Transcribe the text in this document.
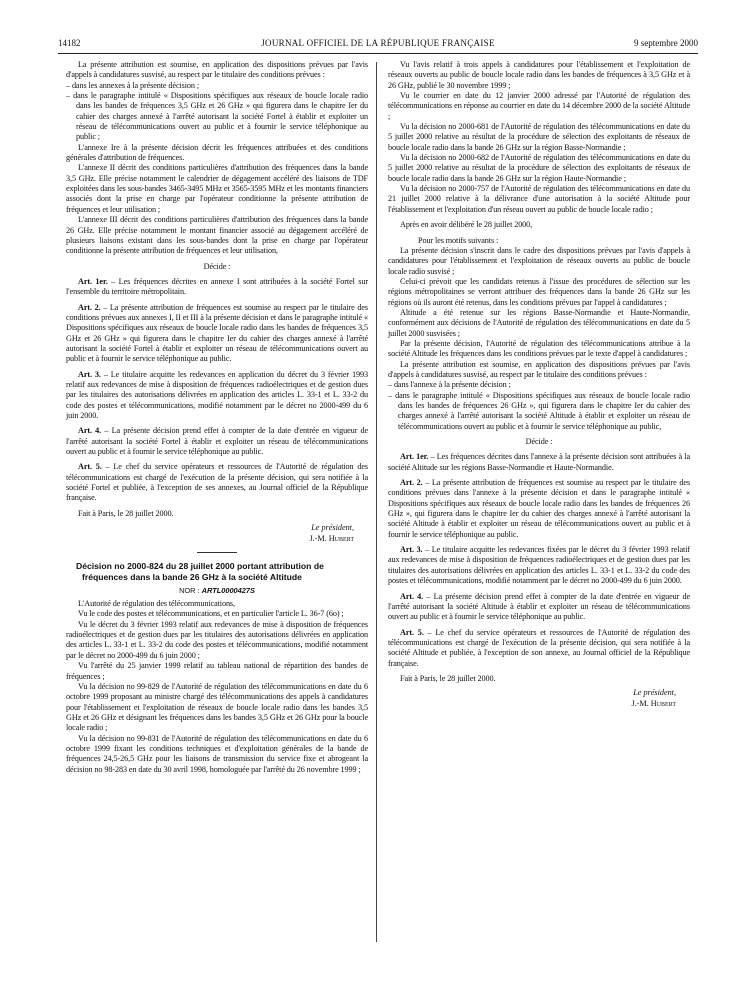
14182	JOURNAL OFFICIEL DE LA RÉPUBLIQUE FRANÇAISE	9 septembre 2000

La présente attribution est soumise, en application des dispositions prévues par l'avis d'appels à candidatures susvisé, au respect par le titulaire des conditions prévues :

– dans les annexes à la présente décision ;

– dans le paragraphe intitulé « Dispositions spécifiques aux réseaux de boucle locale radio dans les bandes de fréquences 3,5 GHz et 26 GHz » qui figurera dans le chapitre Ier du cahier des charges annexé à l'arrêté autorisant la société Fortel à établir et exploiter un réseau de télécommunications ouvert au public et à fournir le service téléphonique au public ;

L'annexe Ire à la présente décision décrit les fréquences attribuées et des conditions générales d'attribution de fréquences.

L'annexe II décrit des conditions particulières d'attribution des fréquences dans la bande 3,5 GHz. Elle précise notamment le calendrier de dégagement accéléré des liaisons de TDF exploitées dans les sous-bandes 3465-3495 MHz et 3565-3595 MHz et les montants financiers associés dont la prise en charge par l'opérateur conditionne la présente attribution de fréquences et leur utilisation ;

L'annexe III décrit des conditions particulières d'attribution des fréquences dans la bande 26 GHz. Elle précise notamment le montant financier associé au dégagement accéléré de plusieurs liaisons existant dans les sous-bandes dont la prise en charge par l'opérateur conditionne la présente attribution de fréquences et leur utilisation,

Décide :

Art. 1er. – Les fréquences décrites en annexe I sont attribuées à la société Fortel sur l'ensemble du territoire métropolitain.

Art. 2. – La présente attribution de fréquences est soumise au respect par le titulaire des conditions prévues aux annexes I, II et III à la présente décision et dans le paragraphe intitulé « Dispositions spécifiques aux réseaux de boucle locale radio dans les bandes de fréquences 3,5 GHz et 26 GHz » qui figurera dans le chapitre Ier du cahier des charges annexé à l'arrêté autorisant la société Fortel à établir et exploiter un réseau de télécommunications ouvert au public et à fournir le service téléphonique au public.

Art. 3. – Le titulaire acquitte les redevances en application du décret du 3 février 1993 relatif aux redevances de mise à disposition de fréquences radioélectriques et de gestion dues par les titulaires des autorisations délivrées en application des articles L. 33-1 et L. 33-2 du code des postes et télécommunications, modifié notamment par le décret no 2000-499 du 6 juin 2000.

Art. 4. – La présente décision prend effet à compter de la date d'entrée en vigueur de l'arrêté autorisant la société Fortel à établir et exploiter un réseau de télécommunications ouvert au public et à fournir le service téléphonique au public.

Art. 5. – Le chef du service opérateurs et ressources de l'Autorité de régulation des télécommunications est chargé de l'exécution de la présente décision, qui sera notifiée à la société Fortel et publiée, à l'exception de ses annexes, au Journal officiel de la République française.

Fait à Paris, le 28 juillet 2000.

Le président,
J.-M. Hubert

Décision no 2000-824 du 28 juillet 2000 portant attribution de fréquences dans la bande 26 GHz à la société Altitude

NOR : ARTL0000427S

L'Autorité de régulation des télécommunications,

Vu le code des postes et télécommunications, et en particulier l'article L. 36-7 (6o) ;

Vu le décret du 3 février 1993 relatif aux redevances de mise à disposition de fréquences radioélectriques et de gestion dues par les titulaires des autorisations délivrées en application des articles L. 33-1 et L. 33-2 du code des postes et télécommunications, modifié notamment par le décret no 2000-499 du 6 juin 2000 ;

Vu l'arrêté du 25 janvier 1999 relatif au tableau national de répartition des bandes de fréquences ;

Vu la décision no 99-829 de l'Autorité de régulation des télécommunications en date du 6 octobre 1999 proposant au ministre chargé des télécommunications des appels à candidatures pour l'établissement et l'exploitation de réseaux de boucle locale radio dans les bandes 3,5 GHz et 26 GHz et désignant les fréquences dans les bandes 3,5 GHz et 26 GHz pour la boucle locale radio ;

Vu la décision no 99-831 de l'Autorité de régulation des télécommunications en date du 6 octobre 1999 fixant les conditions techniques et d'exploitation générales de la bande de fréquences 24,5-26,5 GHz pour les liaisons de transmission du service fixe et abrogeant la décision no 98-283 en date du 30 avril 1998, homologuée par l'arrêté du 26 novembre 1999 ;

Vu l'avis relatif à trois appels à candidatures pour l'établissement et l'exploitation de réseaux ouverts au public de boucle locale radio dans les bandes de fréquences à 3,5 GHz et à 26 GHz, publié le 30 novembre 1999 ;

Vu le courrier en date du 12 janvier 2000 adressé par l'Autorité de régulation des télécommunications en réponse au courrier en date du 14 décembre 2000 de la société Altitude ;

Vu la décision no 2000-681 de l'Autorité de régulation des télécommunications en date du 5 juillet 2000 relative au résultat de la procédure de sélection des exploitants de réseaux de boucle locale radio dans la bande 26 GHz sur la région Basse-Normandie ;

Vu la décision no 2000-682 de l'Autorité de régulation des télécommunications en date du 5 juillet 2000 relative au résultat de la procédure de sélection des exploitants de réseaux de boucle locale radio dans la bande 26 GHz sur la région Haute-Normandie ;

Vu la décision no 2000-757 de l'Autorité de régulation des télécommunications en date du 21 juillet 2000 relative à la délivrance d'une autorisation à la société Altitude pour l'établissement et l'exploitation d'un réseau ouvert au public de boucle locale radio ;

Après en avoir délibéré le 28 juillet 2000,

Pour les motifs suivants :

La présente décision s'inscrit dans le cadre des dispositions prévues par l'avis d'appels à candidatures pour l'établissement et l'exploitation de réseaux ouverts au public de boucle locale radio susvisé ;

Celui-ci prévoit que les candidats retenus à l'issue des procédures de sélection sur les régions métropolitaines se verront attribuer des fréquences dans la bande 26 GHz sur les régions où ils auront été retenus, dans les conditions prévues par l'appel à candidatures ;

Altitude a été retenue sur les régions Basse-Normandie et Haute-Normandie, conformément aux décisions de l'Autorité de régulation des télécommunications en date du 5 juillet 2000 susvisées ;

Par la présente décision, l'Autorité de régulation des télécommunications attribue à la société Altitude les fréquences dans les conditions prévues par le texte d'appel à candidatures ;

La présente attribution est soumise, en application des dispositions prévues par l'avis d'appels à candidatures susvisé, au respect par le titulaire des conditions prévues :

– dans l'annexe à la présente décision ;

– dans le paragraphe intitulé « Dispositions spécifiques aux réseaux de boucle locale radio dans les bandes de fréquences 26 GHz », qui figurera dans le chapitre Ier du cahier des charges annexé à l'arrêté autorisant la société Altitude à établir et exploiter un réseau de télécommunications ouvert au public et à fournir le service téléphonique au public,

Décide :

Art. 1er. – Les fréquences décrites dans l'annexe à la présente décision sont attribuées à la société Altitude sur les régions Basse-Normandie et Haute-Normandie.

Art. 2. – La présente attribution de fréquences est soumise au respect par le titulaire des conditions prévues dans l'annexe à la présente décision et dans le paragraphe intitulé « Dispositions spécifiques aux réseaux de boucle locale radio dans les bandes de fréquences 26 GHz », qui figurera dans le chapitre Ier du cahier des charges annexé à l'arrêté autorisant la société Altitude à établir et exploiter un réseau de télécommunications ouvert au public et à fournir le service téléphonique au public.

Art. 3. – Le titulaire acquitte les redevances fixées par le décret du 3 février 1993 relatif aux redevances de mise à disposition de fréquences radioélectriques et de gestion dues par les titulaires des autorisations délivrées en application des articles L. 33-1 et L. 33-2 du code des postes et télécommunications, modifié notamment par le décret no 2000-499 du 6 juin 2000.

Art. 4. – La présente décision prend effet à compter de la date d'entrée en vigueur de l'arrêté autorisant la société Altitude à établir et exploiter un réseau de télécommunications ouvert au public et à fournir le service téléphonique au public.

Art. 5. – Le chef du service opérateurs et ressources de l'Autorité de régulation des télécommunications est chargé de l'exécution de la présente décision, qui sera notifiée à la société Altitude et publiée, à l'exception de son annexe, au Journal officiel de la République française.

Fait à Paris, le 28 juillet 2000.

Le président,
J.-M. Hubert
